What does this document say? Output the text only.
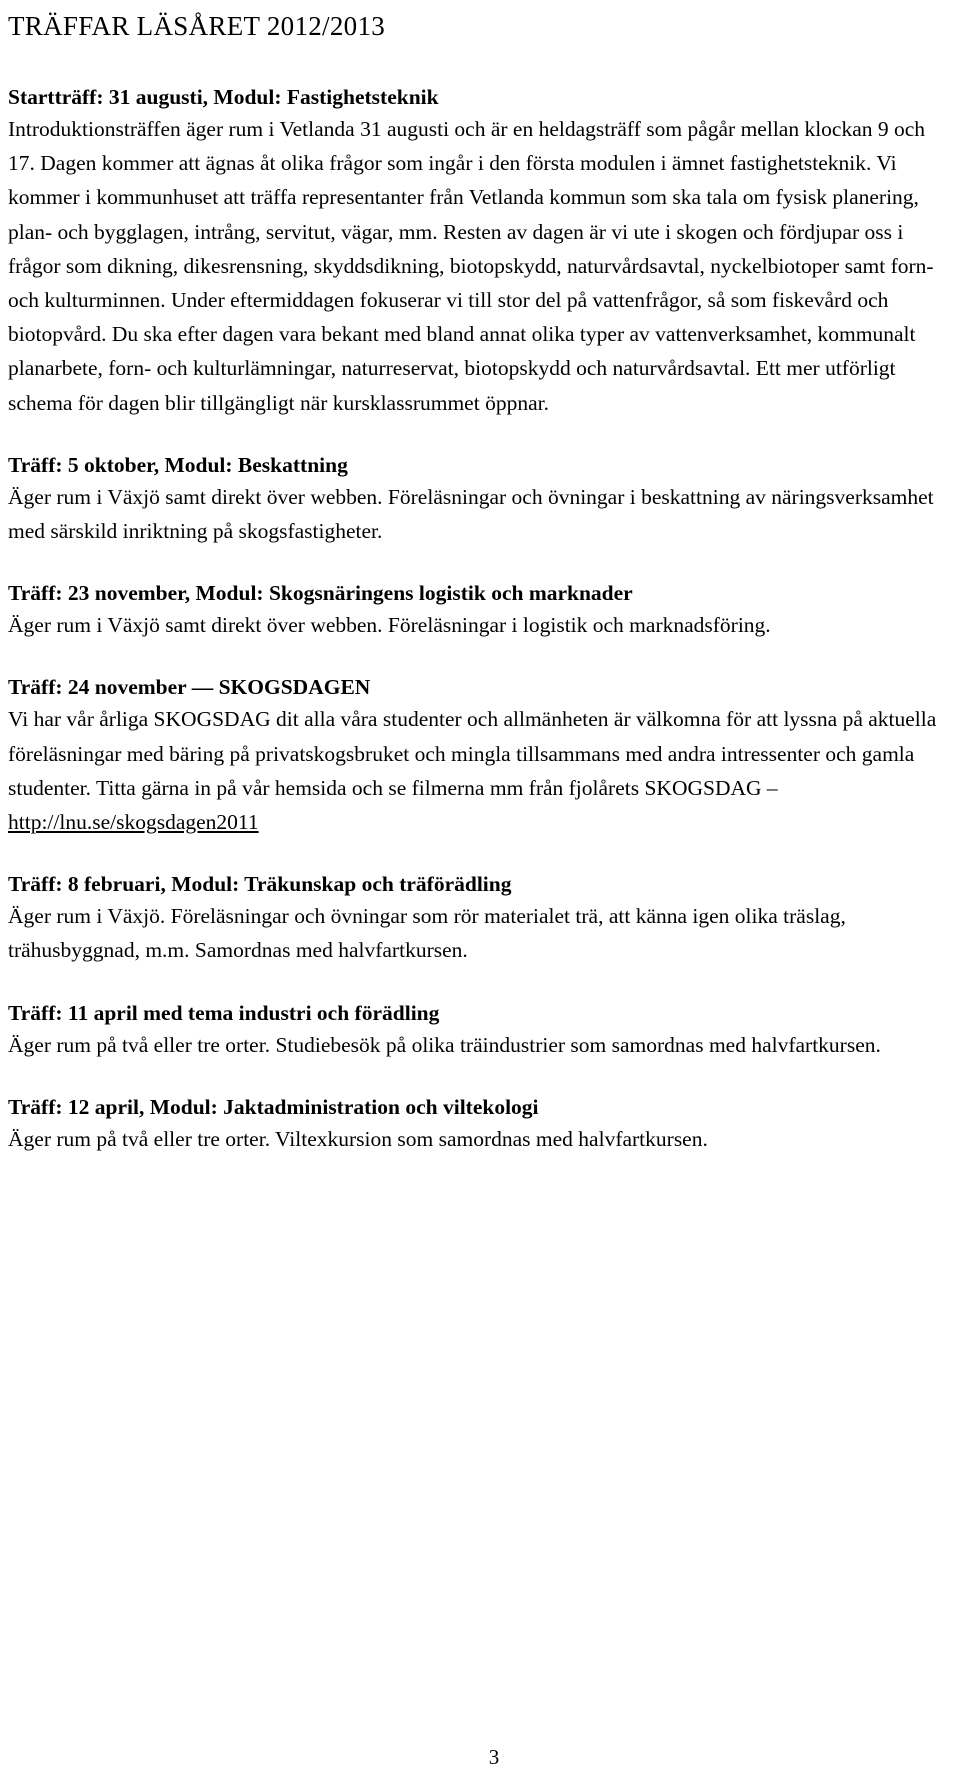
TRÄFFAR LÄSÅRET 2012/2013
Startträff: 31 augusti, Modul: Fastighetsteknik
Introduktionsträffen äger rum i Vetlanda 31 augusti och är en heldagsträff som pågår mellan klockan 9 och 17. Dagen kommer att ägnas åt olika frågor som ingår i den första modulen i ämnet fastighetsteknik. Vi kommer i kommunhuset att träffa representanter från Vetlanda kommun som ska tala om fysisk planering, plan- och bygglagen, intrång, servitut, vägar, mm. Resten av dagen är vi ute i skogen och fördjupar oss i frågor som dikning, dikesrensning, skyddsdikning, biotopskydd, naturvårdsavtal, nyckelbiotoper samt forn- och kulturminnen. Under eftermiddagen fokuserar vi till stor del på vattenfrågor, så som fiskevård och biotopvård. Du ska efter dagen vara bekant med bland annat olika typer av vattenverksamhet, kommunalt planarbete, forn- och kulturlämningar, naturreservat, biotopskydd och naturvårdsavtal. Ett mer utförligt schema för dagen blir tillgängligt när kursklassrummet öppnar.
Träff: 5 oktober, Modul: Beskattning
Äger rum i Växjö samt direkt över webben. Föreläsningar och övningar i beskattning av näringsverksamhet med särskild inriktning på skogsfastigheter.
Träff: 23 november, Modul: Skogsnäringens logistik och marknader
Äger rum i Växjö samt direkt över webben. Föreläsningar i logistik och marknadsföring.
Träff: 24 november — SKOGSDAGEN
Vi har vår årliga SKOGSDAG dit alla våra studenter och allmänheten är välkomna för att lyssna på aktuella föreläsningar med bäring på privatskogsbruket och mingla tillsammans med andra intressenter och gamla studenter. Titta gärna in på vår hemsida och se filmerna mm från fjolårets SKOGSDAG –
http://lnu.se/skogsdagen2011
Träff: 8 februari, Modul: Träkunskap och träförädling
Äger rum i Växjö. Föreläsningar och övningar som rör materialet trä, att känna igen olika träslag, trähusbyggnad, m.m. Samordnas med halvfartkursen.
Träff: 11 april med tema industri och förädling
Äger rum på två eller tre orter. Studiebesök på olika träindustrier som samordnas med halvfartkursen.
Träff: 12 april, Modul: Jaktadministration och viltekologi
Äger rum på två eller tre orter. Viltexkursion som samordnas med halvfartkursen.
3
